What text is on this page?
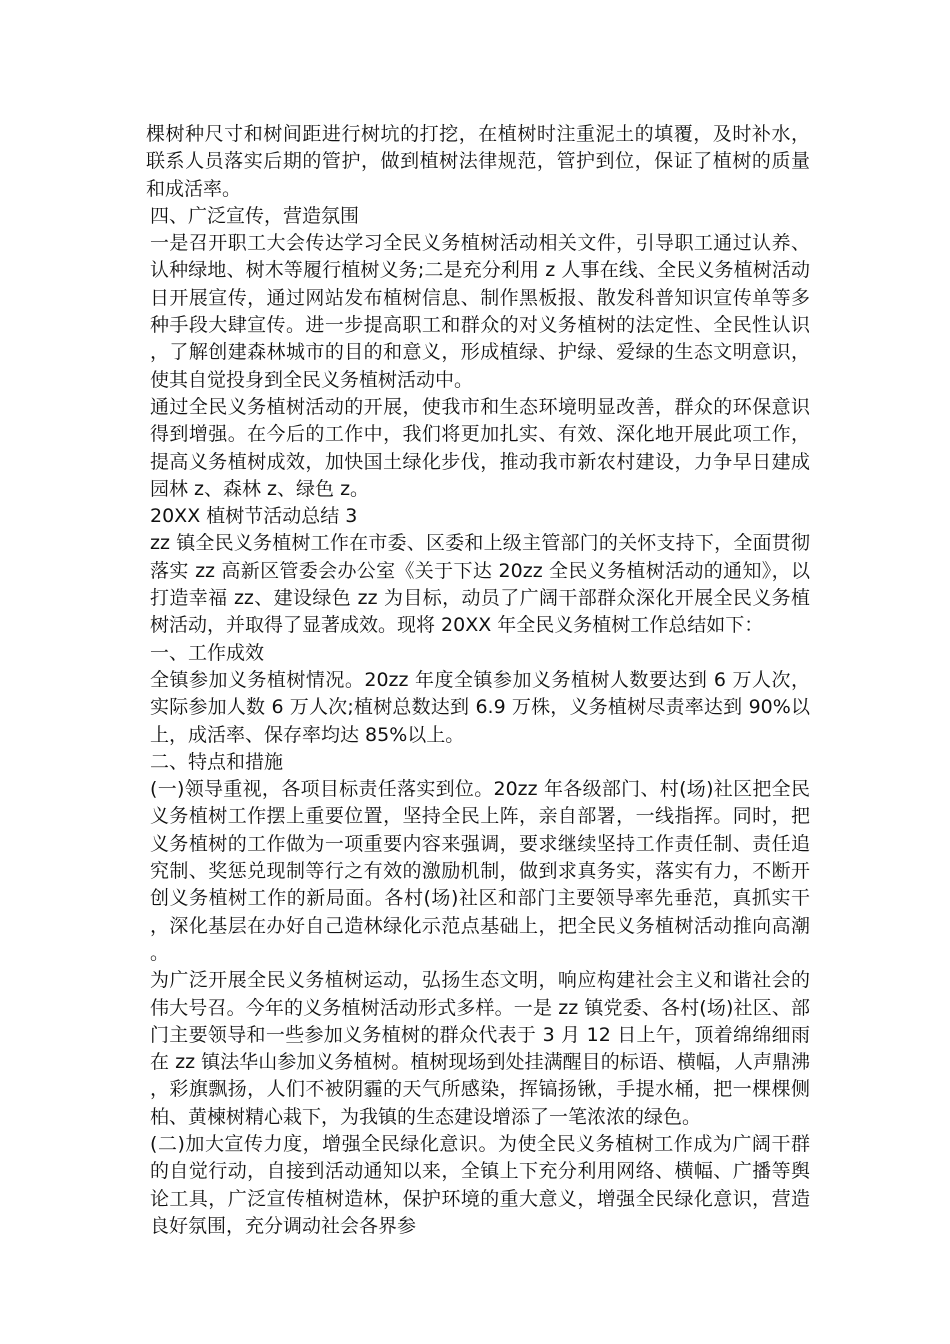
棵树种尺寸和树间距进行树坑的打挖，在植树时注重泥土的填覆，及时补水，联系人员落实后期的管护，做到植树法律规范，管护到位，保证了植树的质量和成活率。

四、广泛宣传，营造氛围

一是召开职工大会传达学习全民义务植树活动相关文件，引导职工通过认养、认种绿地、树木等履行植树义务;二是充分利用 z 人事在线、全民义务植树活动日开展宣传，通过网站发布植树信息、制作黑板报、散发科普知识宣传单等多种手段大肆宣传。进一步提高职工和群众的对义务植树的法定性、全民性认识，了解创建森林城市的目的和意义，形成植绿、护绿、爱绿的生态文明意识，使其自觉投身到全民义务植树活动中。

通过全民义务植树活动的开展，使我市和生态环境明显改善，群众的环保意识得到增强。在今后的工作中，我们将更加扎实、有效、深化地开展此项工作，提高义务植树成效，加快国土绿化步伐，推动我市新农村建设，力争早日建成园林 z、森林 z、绿色 z。

20XX 植树节活动总结 3

zz 镇全民义务植树工作在市委、区委和上级主管部门的关怀支持下，全面贯彻落实 zz 高新区管委会办公室《关于下达 20zz 全民义务植树活动的通知》，以打造幸福 zz、建设绿色 zz 为目标，动员了广阔干部群众深化开展全民义务植树活动，并取得了显著成效。现将 20XX 年全民义务植树工作总结如下：

一、工作成效

全镇参加义务植树情况。20zz 年度全镇参加义务植树人数要达到 6 万人次，实际参加人数 6 万人次;植树总数达到 6.9 万株，义务植树尽责率达到 90%以上，成活率、保存率均达 85%以上。

二、特点和措施

(一)领导重视，各项目标责任落实到位。20zz 年各级部门、村(场)社区把全民义务植树工作摆上重要位置，坚持全民上阵，亲自部署，一线指挥。同时，把义务植树的工作做为一项重要内容来强调，要求继续坚持工作责任制、责任追究制、奖惩兑现制等行之有效的激励机制，做到求真务实，落实有力，不断开创义务植树工作的新局面。各村(场)社区和部门主要领导率先垂范，真抓实干，深化基层在办好自己造林绿化示范点基础上，把全民义务植树活动推向高潮。

为广泛开展全民义务植树运动，弘扬生态文明，响应构建社会主义和谐社会的伟大号召。今年的义务植树活动形式多样。一是 zz 镇党委、各村(场)社区、部门主要领导和一些参加义务植树的群众代表于 3 月 12 日上午，顶着绵绵细雨在 zz 镇法华山参加义务植树。植树现场到处挂满醒目的标语、横幅，人声鼎沸，彩旗飘扬，人们不被阴霾的天气所感染，挥镐扬锹，手提水桶，把一棵棵侧柏、黄楝树精心栽下，为我镇的生态建设增添了一笔浓浓的绿色。

(二)加大宣传力度，增强全民绿化意识。为使全民义务植树工作成为广阔干群的自觉行动，自接到活动通知以来，全镇上下充分利用网络、横幅、广播等舆论工具，广泛宣传植树造林，保护环境的重大意义，增强全民绿化意识，营造良好氛围，充分调动社会各界参
